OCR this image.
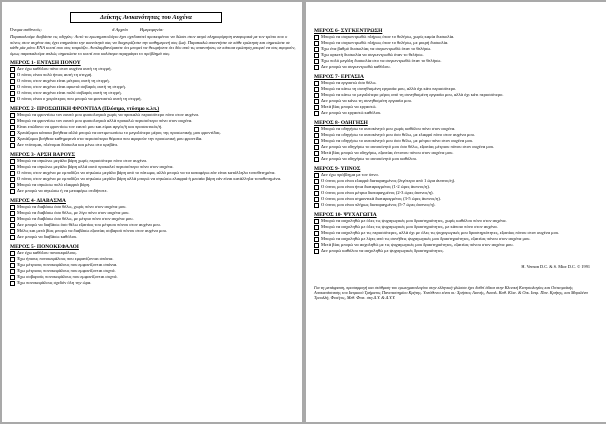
Δείκτης Ανικανότητας του Αυχένα
Όνομα ασθενούς:	# Αρχείο	Ημερομηνία:
Παρακαλούμε διαβάστε τις οδηγίες: Αυτό το ερωτηματολόγιο έχει σχεδιαστεί προκειμένου να δώσει στον ιατρό πληροφόρηση αναφορικά με τον τρόπο που ο πόνος στον αυχένα σας έχει επηρεάσει την ικανότητά σας να διαχειρίζεστε την καθημερινή σας ζωή. Παρακαλώ απαντήστε σε κάθε ερώτηση και σημειώστε σε κάθε μία μόνο ΕΝΑ κουτί που σας ταιριάζει. Αντιλαμβανόμαστε ότι μπορεί να θεωρήσετε ότι δύο από τις απαντήσεις σε κάποια ερώτηση μπορεί να σας αφορούν, όμως παρακαλούμε απλώς σημειώστε το κουτί που καλύτερα περιγράφει το πρόβλημά σας.
ΜΕΡΟΣ 1- ΕΝΤΑΣΗ ΠΟΝΟΥ
Δεν έχω καθόλου πόνο στον αυχένα αυτή τη στιγμή.
Ο πόνος είναι πολύ ήπιος αυτή τη στιγμή.
Ο πόνος στον αυχένα είναι μέτριος αυτή τη στιγμή.
Ο πόνος στον αυχένα είναι αρκετά σοβαρός αυτή τη στιγμή.
Ο πόνος στον αυχένα είναι πολύ σοβαρός αυτή τη στιγμή.
Ο πόνος είναι ο χειρότερος που μπορώ να φανταστώ αυτή τη στιγμή.
ΜΕΡΟΣ 2- ΠΡΟΣΩΠΙΚΗ ΦΡΟΝΤΙΔΑ (Πλύσιμο, ντύσιμο κ.λπ.)
Μπορώ να φροντίσω τον εαυτό μου φυσιολογικά χωρίς να προκαλώ περισσότερο πόνο στον αυχένα.
Μπορώ να φροντίσω τον εαυτό μου φυσιολογικά αλλά προκαλώ περισσότερο πόνο στον αυχένα.
Είναι επώδυνο να φροντίσω τον εαυτό μου και είμαι αργός/ή και προσεκτικός/ή.
Χρειάζομαι κάποια βοήθεια αλλά μπορώ να αντιμετωπίσω το μεγαλύτερο μέρος της προσωπικής μου φροντίδας.
Χρειάζομαι βοήθεια καθημερινά στα περισσότερα θέματα που αφορούν την προσωπική μου φροντίδα.
Δεν ντύνομαι, πλένομαι δύσκολα και μένω στο κρεβάτι.
ΜΕΡΟΣ 3- ΑΡΣΗ ΒΑΡΟΥΣ
Μπορώ να σηκώνω μεγάλα βάρη χωρίς περισσότερο πόνο στον αυχένα.
Μπορώ να σηκώνω μεγάλα βάρη αλλά αυτό προκαλεί περισσότερο πόνο στον αυχένα.
Ο πόνος στον αυχένα με εμποδίζει να σηκώσω μεγάλα βάρη από το πάτωμα, αλλά μπορώ να τα καταφέρω εάν είναι κατάλληλα τοποθετημένα.
Ο πόνος στον αυχένα με εμποδίζει να σηκώσω μεγάλα βάρη αλλά μπορώ να σηκώσω ελαφριά ή μεσαία βάρη εάν είναι κατάλληλα τοποθετημένα.
Μπορώ να σηκώσω πολύ ελαφριά βάρη.
Δεν μπορώ να σηκώσω ή να μεταφέρω οτιδήποτε.
ΜΕΡΟΣ 4- ΔΙΑΒΑΣΜΑ
Μπορώ να διαβάσω όσο θέλω, χωρίς πόνο στον αυχένα μου.
Μπορώ να διαβάσω όσο θέλω, με λίγο πόνο στον αυχένα μου.
Μπορώ να διαβάσω όσο θέλω, με μέτριο πόνο στον αυχένα μου.
Δεν μπορώ να διαβάσω όσο θέλω εξαιτίας του μέτριου πόνου στον αυχένα μου.
Μόλις και μετά βίας μπορώ να διαβάσω εξαιτίας σοβαρού πόνου στον αυχένα μου.
Δεν μπορώ να διαβάσω καθόλου.
ΜΕΡΟΣ 5- ΠΟΝΟΚΕΦΑΛΟΙ
Δεν έχω καθόλου πονοκεφάλους.
Έχω ήπιους πονοκεφάλους που εμφανίζονται σπάνια.
Έχω μέτριους πονοκεφάλους που εμφανίζονται σπάνια.
Έχω μέτριους πονοκεφάλους που εμφανίζονται συχνά.
Έχω σοβαρούς πονοκεφάλους που εμφανίζονται συχνά.
Έχω πονοκεφάλους σχεδόν όλη την ώρα.
ΜΕΡΟΣ 6- ΣΥΓΚΕΝΤΡΩΣΗ
Μπορώ να συγκεντρωθώ πλήρως όταν το θελήσω, χωρίς καμία δυσκολία.
Μπορώ να συγκεντρωθώ πλήρως όταν το θελήσω, με μικρή δυσκολία.
Έχω ένα βαθμό δυσκολίας να συγκεντρωθώ όταν το θελήσω.
Έχω αρκετή δυσκολία να συγκεντρωθώ όταν το θελήσω.
Έχω πολύ μεγάλη δυσκολία στο να συγκεντρωθώ όταν το θελήσω.
Δεν μπορώ να συγκεντρωθώ καθόλου.
ΜΕΡΟΣ 7- ΕΡΓΑΣΙΑ
Μπορώ να εργαστώ όσο θέλω.
Μπορώ να κάνω τη συνηθισμένη εργασία μου, αλλά όχι κάτι περισσότερο.
Μπορώ να κάνω το μεγαλύτερο μέρος από τη συνηθισμένη εργασία μου, αλλά όχι κάτι περισσότερο.
Δεν μπορώ να κάνω τη συνηθισμένη εργασία μου.
Μετά βίας μπορώ να εργαστώ.
Δεν μπορώ να εργαστώ καθόλου.
ΜΕΡΟΣ 8- ΟΔΗΓΗΣΗ
Μπορώ να οδηγήσω το αυτοκίνητό μου χωρίς καθόλου πόνο στον αυχένα.
Μπορώ να οδηγήσω το αυτοκίνητό μου όσο θέλω, με ελαφρύ πόνο στον αυχένα μου.
Μπορώ να οδηγήσω το αυτοκίνητό μου όσο θέλω, με μέτριο πόνο στον αυχένα μου.
Δεν μπορώ να οδηγήσω το αυτοκίνητό μου όσο θέλω, εξαιτίας μέτριου πόνου στον αυχένα μου.
Μετά βίας μπορώ να οδηγήσω, εξαιτίας έντονου πόνου στον αυχένα μου.
Δεν μπορώ να οδηγήσω το αυτοκίνητό μου καθόλου.
ΜΕΡΟΣ 9- ΥΠΝΟΣ
Δεν έχω πρόβλημα με τον ύπνο.
Ο ύπνος μου είναι ελαφρά διαταραγμένος (λιγότερο από 1 ώρα άυπνος/η).
Ο ύπνος μου είναι ήπια διαταραγμένος (1-2 ώρες άυπνος/η).
Ο ύπνος μου είναι μέτρια διαταραγμένος (2-3 ώρες άυπνος/η).
Ο ύπνος μου είναι σημαντικά διαταραγμένος (3-5 ώρες άυπνος/η).
Ο ύπνος μου είναι πλήρως διαταραγμένος (5-7 ώρες άυπνος/η).
ΜΕΡΟΣ 10- ΨΥΧΑΓΩΓΙΑ
Μπορώ να ασχοληθώ με όλες τις ψυχαγωγικές μου δραστηριότητες, χωρίς καθόλου πόνο στον αυχένα.
Μπορώ να ασχοληθώ με όλες τις ψυχαγωγικές μου δραστηριότητες, με κάποιο πόνο στον αυχένα.
Μπορώ να ασχοληθώ με τις περισσότερες, αλλά όχι με όλες τις ψυχαγωγικές μου δραστηριότητες, εξαιτίας πόνου στον αυχένα μου.
Μπορώ να ασχοληθώ με λίγες από τις συνήθεις ψυχαγωγικές μου δραστηριότητες, εξαιτίας πόνου στον αυχένα μου.
Μετά βίας μπορώ να ασχοληθώ με τις ψυχαγωγικές μου δραστηριότητες, εξαιτίας πόνου στον αυχένα μου.
Δεν μπορώ καθόλου να ασχοληθώ με ψυχαγωγικές δραστηριότητες.
H. Vernon D.C. & S. Mior D.C. © 1991
Για τη μετάφραση, προσαρμογή και στάθμιση του ερωτηματολογίου στην ελληνική γλώσσα έχει δοθεί άδεια στην Κλινική Κινησιολογίας και Οστεομυϊκής Αποκατάστασης του Ιατρικού Τμήματος Πανεπιστημίου Κρήτης. Υπεύθυνοι είναι οι: Χρήστος Λιονής, Αναπλ. Καθ. Κλιν. & Οικ. Ιατρ. Παν. Κρήτης, και Μαριλένα Τρουλλή, Φυσ/γος, Μεθ. Φοιτ. στη Δ.Υ. & Δ.Υ.Υ.
